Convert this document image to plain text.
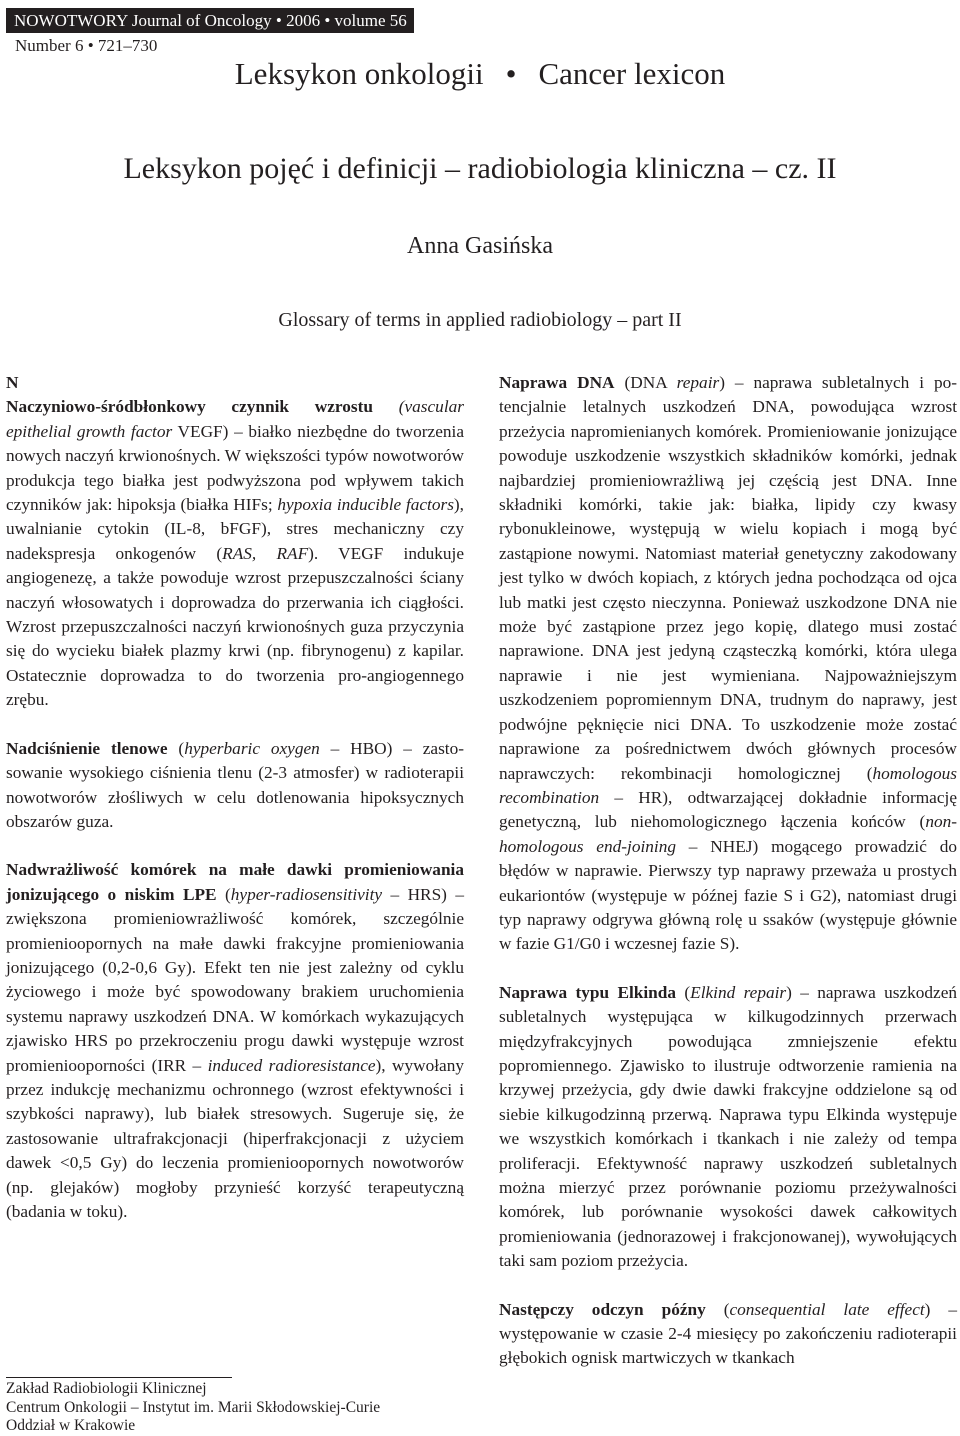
NOWOTWORY Journal of Oncology • 2006 • volume 56
Number 6 • 721–730
Leksykon onkologii • Cancer lexicon
Leksykon pojęć i definicji – radiobiologia kliniczna – cz. II
Anna Gasińska
Glossary of terms in applied radiobiology – part II

N

Naczyniowo-śródbłonkowy czynnik wzrostu (vascular epithelial growth factor VEGF) – białko niezbędne do tworzenia nowych naczyń krwionośnych. W większości typów nowotworów produkcja tego białka jest podwyższona pod wpływem takich czynników jak: hipoksja (białka HIFs; hypoxia inducible factors), uwalnianie cytokin (IL-8, bFGF), stres mechaniczny czy nadekspresja onkogenów (RAS, RAF). VEGF indukuje angiogenezę, a także powoduje wzrost przepuszczalności ściany naczyń włosowatych i doprowadza do przerwania ich ciągłości. Wzrost przepuszczalności naczyń krwionośnych guza przyczynia się do wycieku białek plazmy krwi (np. fibrynogenu) z kapilar. Ostatecznie doprowadza to do tworzenia pro-angiogennego zrębu.

Nadciśnienie tlenowe (hyperbaric oxygen – HBO) – zastosowanie wysokiego ciśnienia tlenu (2-3 atmosfer) w radioterapii nowotworów złośliwych w celu dotlenowania hipoksycznych obszarów guza.

Nadwrażliwość komórek na małe dawki promieniowania jonizującego o niskim LPE (hyper-radiosensitivity – HRS) – zwiększona promieniowrażliwość komórek, szczególnie promienioopornych na małe dawki frakcyjne promieniowania jonizującego (0,2-0,6 Gy). Efekt ten nie jest zależny od cyklu życiowego i może być spowodowany brakiem uruchomienia systemu naprawy uszkodzeń DNA. W komórkach wykazujących zjawisko HRS po przekroczeniu progu dawki występuje wzrost promieniooporności (IRR – induced radioresistance), wywołany przez indukcję mechanizmu ochronnego (wzrost efektywności i szybkości naprawy), lub białek stresowych. Sugeruje się, że zastosowanie ultrafrakcjonacji (hiperfrakcjonacji z użyciem dawek <0,5 Gy) do leczenia promienioopornych nowotworów (np. glejaków) mogłoby przynieść korzyść terapeutyczną (badania w toku).

Naprawa DNA (DNA repair) – naprawa subletalnych i potencjalnie letalnych uszkodzeń DNA, powodująca wzrost przeżycia napromienianych komórek. Promieniowanie jonizujące powoduje uszkodzenie wszystkich składników komórki, jednak najbardziej promieniowrażliwą jej częścią jest DNA. Inne składniki komórki, takie jak: białka, lipidy czy kwasy rybonukleinowe, występują w wielu kopiach i mogą być zastąpione nowymi. Natomiast materiał genetyczny zakodowany jest tylko w dwóch kopiach, z których jedna pochodząca od ojca lub matki jest często nieczynna. Ponieważ uszkodzone DNA nie może być zastąpione przez jego kopię, dlatego musi zostać naprawione. DNA jest jedyną cząsteczką komórki, która ulega naprawie i nie jest wymieniana. Najpoważniejszym uszkodzeniem popromiennym DNA, trudnym do naprawy, jest podwójne pęknięcie nici DNA. To uszkodzenie może zostać naprawione za pośrednictwem dwóch głównych procesów naprawczych: rekombinacji homologicznej (homologous recombination – HR), odtwarzającej dokładnie informację genetyczną, lub niehomologicznego łączenia końców (non-homologous end-joining – NHEJ) mogącego prowadzić do błędów w naprawie. Pierwszy typ naprawy przeważa u prostych eukariontów (występuje w późnej fazie S i G2), natomiast drugi typ naprawy odgrywa główną rolę u ssaków (występuje głównie w fazie G1/G0 i wczesnej fazie S).

Naprawa typu Elkinda (Elkind repair) – naprawa uszkodzeń subletalnych występująca w kilkugodzinnych przerwach międzyfrakcyjnych powodująca zmniejszenie efektu popromiennego. Zjawisko to ilustruje odtworzenie ramienia na krzywej przeżycia, gdy dwie dawki frakcyjne oddzielone są od siebie kilkugodzinną przerwą. Naprawa typu Elkinda występuje we wszystkich komórkach i tkankach i nie zależy od tempa proliferacji. Efektywność naprawy uszkodzeń subletalnych można mierzyć przez porównanie poziomu przeżywalności komórek, lub porównanie wysokości dawek całkowitych promieniowania (jednorazowej i frakcjonowanej), wywołujących taki sam poziom przeżycia.

Następczy odczyn późny (consequential late effect) – występowanie w czasie 2-4 miesięcy po zakończeniu radioterapii głębokich ognisk martwiczych w tkankach

Zakład Radiobiologii Klinicznej
Centrum Onkologii – Instytut im. Marii Skłodowskiej-Curie
Oddział w Krakowie
